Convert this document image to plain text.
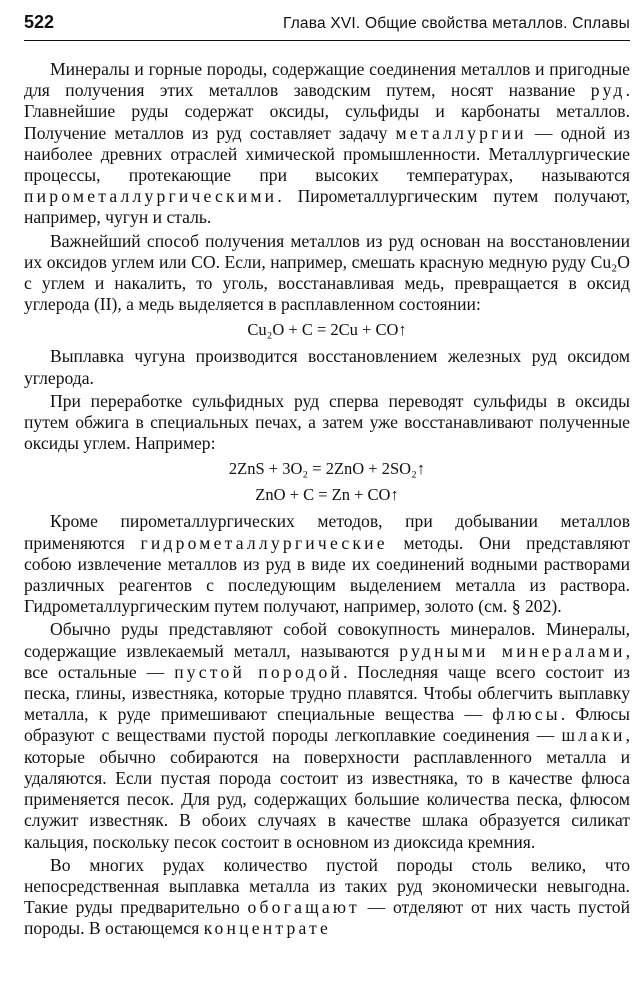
522	Глава XVI. Общие свойства металлов. Сплавы

Минералы и горные породы, содержащие соединения металлов и пригодные для получения этих металлов заводским путем, носят название руд. Главнейшие руды содержат оксиды, сульфиды и карбонаты металлов. Получение металлов из руд составляет задачу металлургии — одной из наиболее древних отраслей химической промышленности. Металлургические процессы, протекающие при высоких температурах, называются пирометаллургическими. Пирометаллургическим путем получают, например, чугун и сталь.

Важнейший способ получения металлов из руд основан на восстановлении их оксидов углем или CO. Если, например, смешать красную медную руду Cu₂O с углем и накалить, то уголь, восстанавливая медь, превращается в оксид углерода (II), а медь выделяется в расплавленном состоянии:

Cu₂O + C = 2Cu + CO↑

Выплавка чугуна производится восстановлением железных руд оксидом углерода.

При переработке сульфидных руд сперва переводят сульфиды в оксиды путем обжига в специальных печах, а затем уже восстанавливают полученные оксиды углем. Например:

2ZnS + 3O₂ = 2ZnO + 2SO₂↑
ZnO + C = Zn + CO↑

Кроме пирометаллургических методов, при добывании металлов применяются гидрометаллургические методы. Они представляют собою извлечение металлов из руд в виде их соединений водными растворами различных реагентов с последующим выделением металла из раствора. Гидрометаллургическим путем получают, например, золото (см. § 202).

Обычно руды представляют собой совокупность минералов. Минералы, содержащие извлекаемый металл, называются рудными минералами, все остальные — пустой породой. Последняя чаще всего состоит из песка, глины, известняка, которые трудно плавятся. Чтобы облегчить выплавку металла, к руде примешивают специальные вещества — флюсы. Флюсы образуют с веществами пустой породы легкоплавкие соединения — шлаки, которые обычно собираются на поверхности расплавленного металла и удаляются. Если пустая порода состоит из известняка, то в качестве флюса применяется песок. Для руд, содержащих большие количества песка, флюсом служит известняк. В обоих случаях в качестве шлака образуется силикат кальция, поскольку песок состоит в основном из диоксида кремния.

Во многих рудах количество пустой породы столь велико, что непосредственная выплавка металла из таких руд экономически невыгодна. Такие руды предварительно обогащают — отделяют от них часть пустой породы. В остающемся концентрате
